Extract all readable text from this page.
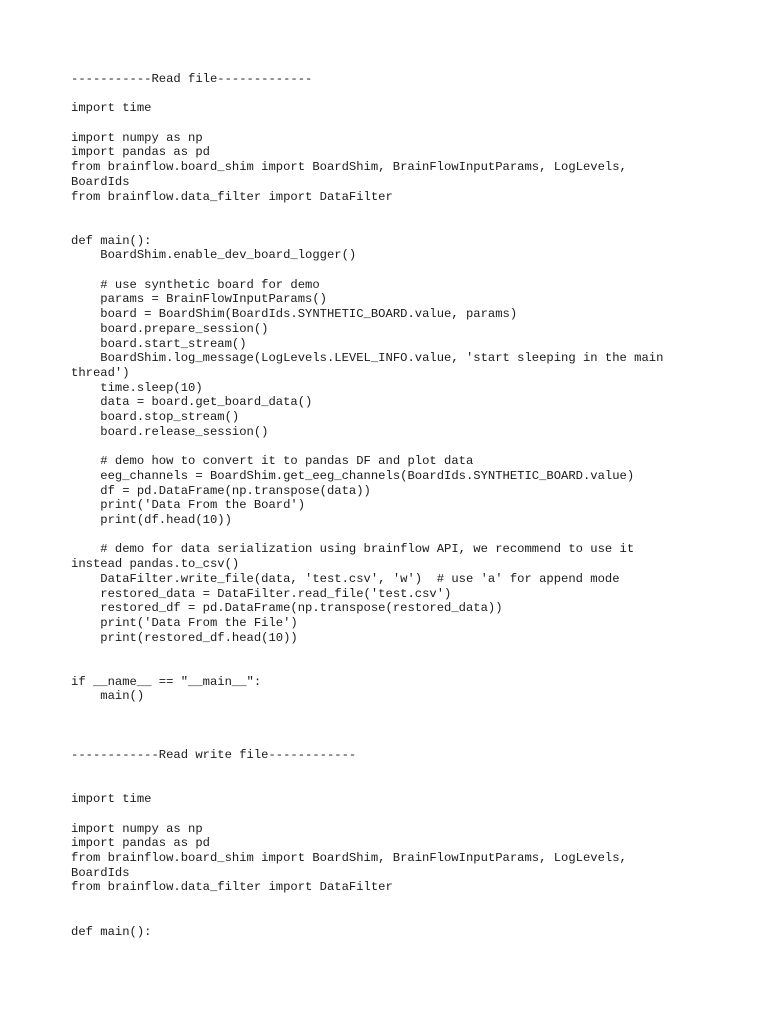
-----------Read file-------------
import time
import numpy as np
import pandas as pd
from brainflow.board_shim import BoardShim, BrainFlowInputParams, LogLevels,
BoardIds
from brainflow.data_filter import DataFilter
def main():
BoardShim.enable_dev_board_logger()
# use synthetic board for demo
params = BrainFlowInputParams()
board = BoardShim(BoardIds.SYNTHETIC_BOARD.value, params)
board.prepare_session()
board.start_stream()
BoardShim.log_message(LogLevels.LEVEL_INFO.value, 'start sleeping in the main
thread')
time.sleep(10)
data = board.get_board_data()
board.stop_stream()
board.release_session()
# demo how to convert it to pandas DF and plot data
eeg_channels = BoardShim.get_eeg_channels(BoardIds.SYNTHETIC_BOARD.value)
df = pd.DataFrame(np.transpose(data))
print('Data From the Board')
print(df.head(10))
# demo for data serialization using brainflow API, we recommend to use it
instead pandas.to_csv()
DataFilter.write_file(data, 'test.csv', 'w')  # use 'a' for append mode
restored_data = DataFilter.read_file('test.csv')
restored_df = pd.DataFrame(np.transpose(restored_data))
print('Data From the File')
print(restored_df.head(10))
if __name__ == "__main__":
main()
------------Read write file------------
import time
import numpy as np
import pandas as pd
from brainflow.board_shim import BoardShim, BrainFlowInputParams, LogLevels,
BoardIds
from brainflow.data_filter import DataFilter
def main():
